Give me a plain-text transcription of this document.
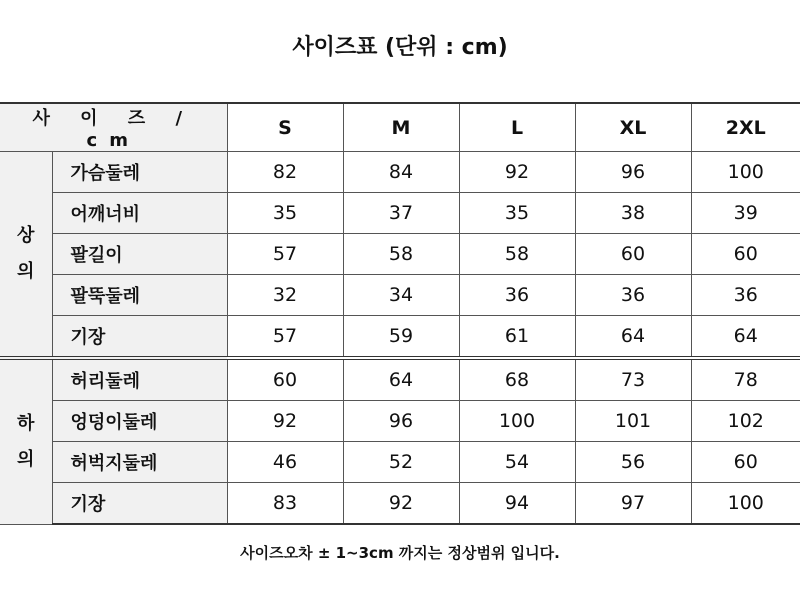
사이즈표 (단위 : cm)
사 이 즈 / cm		S	M	L	XL	2XL

상
의	가슴둘레	82	84	92	96	100
	어깨너비	35	37	35	38	39
	팔길이	57	58	58	60	60
	팔뚝둘레	32	34	36	36	36
	기장	57	59	61	64	64

하
의	허리둘레	60	64	68	73	78
	엉덩이둘레	92	96	100	101	102
	허벅지둘레	46	52	54	56	60
	기장	83	92	94	97	100
사이즈오차 ± 1~3cm 까지는 정상범위 입니다.
